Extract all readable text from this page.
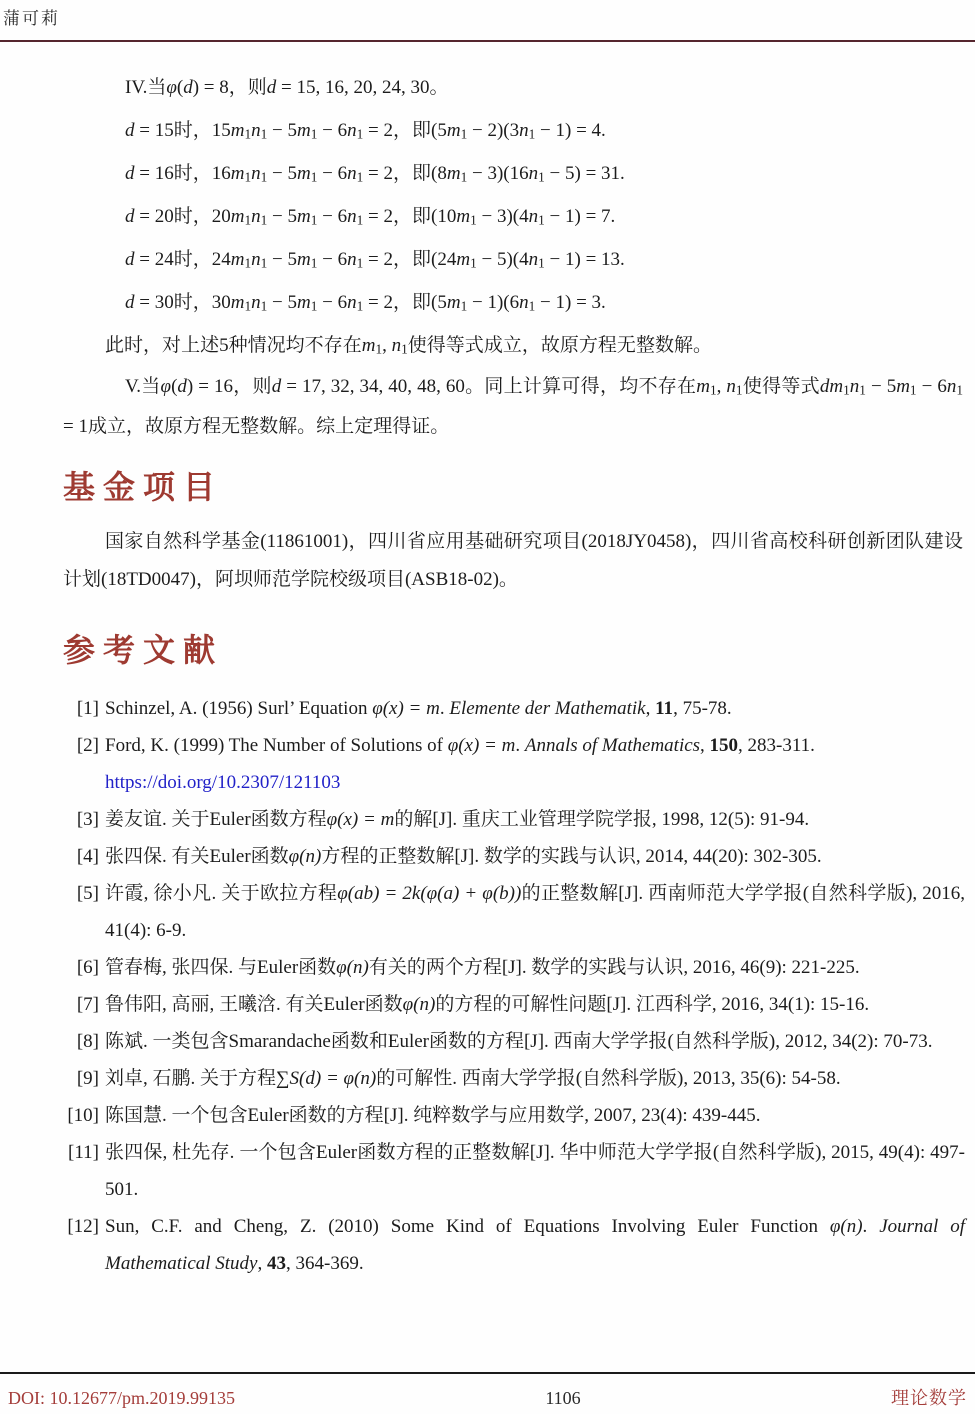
蒲可莉
IV.当φ(d) = 8，则d = 15, 16, 20, 24, 30。
d = 15时，$15m_1n_1 - 5m_1 - 6n_1 = 2$，即$(5m_1 - 2)(3n_1 - 1) = 4$.
d = 16时，$16m_1n_1 - 5m_1 - 6n_1 = 2$，即$(8m_1 - 3)(16n_1 - 5) = 31$.
d = 20时，$20m_1n_1 - 5m_1 - 6n_1 = 2$，即$(10m_1 - 3)(4n_1 - 1) = 7$.
d = 24时，$24m_1n_1 - 5m_1 - 6n_1 = 2$，即$(24m_1 - 5)(4n_1 - 1) = 13$.
d = 30时，$30m_1n_1 - 5m_1 - 6n_1 = 2$，即$(5m_1 - 1)(6n_1 - 1) = 3$.
此时，对上述5种情况均不存在$m_1$, $n_1$使得等式成立，故原方程无整数解。

V.当φ(d) = 16，则d = 17, 32, 34, 40, 48, 60。同上计算可得，均不存在$m_1$, $n_1$使得等式$dm_1n_1 - 5m_1 - 6n_1 = 1$成立，故原方程无整数解。综上定理得证。

基金项目

国家自然科学基金(11861001)，四川省应用基础研究项目(2018JY0458)，四川省高校科研创新团队建设计划(18TD0047)，阿坝师范学院校级项目(ASB18-02)。

参考文献
[1] Schinzel, A. (1956) Surl’ Equation φ(x) = m. Elemente der Mathematik, 11, 75-78.
[2] Ford, K. (1999) The Number of Solutions of φ(x) = m. Annals of Mathematics, 150, 283-311.
https://doi.org/10.2307/121103
[3] 姜友谊. 关于Euler函数方程φ(x) = m的解[J]. 重庆工业管理学院学报, 1998, 12(5): 91-94.
[4] 张四保. 有关Euler函数φ(n)方程的正整数解[J]. 数学的实践与认识, 2014, 44(20): 302-305.
[5] 许霞, 徐小凡. 关于欧拉方程φ(ab) = 2k(φ(a) + φ(b))的正整数解[J]. 西南师范大学学报(自然科学版), 2016, 41(4): 6-9.
[6] 管春梅, 张四保. 与Euler函数φ(n)有关的两个方程[J]. 数学的实践与认识, 2016, 46(9): 221-225.
[7] 鲁伟阳, 高丽, 王曦浛. 有关Euler函数φ(n)的方程的可解性问题[J]. 江西科学, 2016, 34(1): 15-16.
[8] 陈斌. 一类包含Smarandache函数和Euler函数的方程[J]. 西南大学学报(自然科学版), 2012, 34(2): 70-73.
[9] 刘卓, 石鹏. 关于方程∑S(d) = φ(n)的可解性. 西南大学学报(自然科学版), 2013, 35(6): 54-58.
[10] 陈国慧. 一个包含Euler函数的方程[J]. 纯粹数学与应用数学, 2007, 23(4): 439-445.
[11] 张四保, 杜先存. 一个包含Euler函数方程的正整数解[J]. 华中师范大学学报(自然科学版), 2015, 49(4): 497-501.
[12] Sun, C.F. and Cheng, Z. (2010) Some Kind of Equations Involving Euler Function φ(n). Journal of Mathematical Study, 43, 364-369.
DOI: 10.12677/pm.2019.99135	1106	理论数学
